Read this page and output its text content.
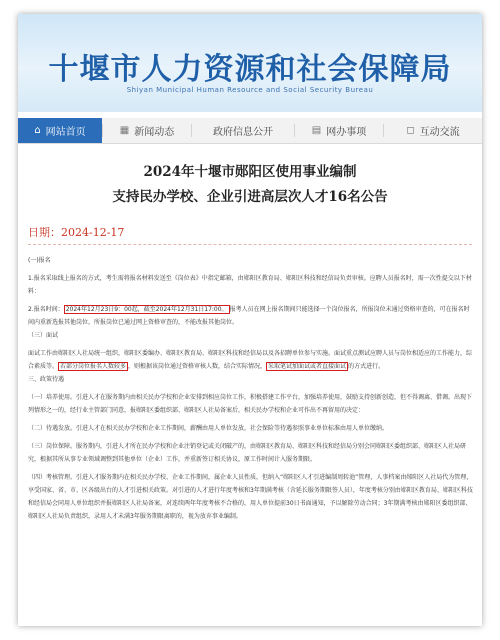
十堰市人力资源和社会保障局
Shiyan Municipal Human Resource and Social Security Bureau
⌂ 网站首页	▦ 新闻动态	政府信息公开	▤ 网办事项	◻ 互动交流
2024年十堰市郧阳区使用事业编制
支持民办学校、企业引进高层次人才16名公告
日期：2024-12-17
(一)报名
1.报名采取线上报名的方式，考生需将报名材料发送至《岗位表》中指定邮箱，由郧阳区教育局、郧阳区科技和经信局负责审核。应聘人员报名时，需一次性提交以下材料：
2.报名时间： 2024年12月23日9：00起，截至2024年12月31日17:00。 报考人员在网上报名期间只能选择一个岗位报名，所报岗位未通过资格审查的，可在报名时间内重新选报其他岗位，所报岗位已通过网上资格审查的，不能改报其他岗位。
（三）面试
面试工作由郧阳区人社局统一组织，郧阳区委编办、郧阳区教育局、郧阳区科技和经信局以及各招聘单位参与实施。面试重点测试应聘人员与岗位相适应的工作能力，综合素质等。 若部分岗位报名人数较多 ，则根据该岗位通过资格审核人数，结合实际情况， 采取笔试加面试或者直接面试 的方式进行。
三、政策待遇
（一）培养使用。引进人才在服务期内由相关民办学校和企业安排到相应岗位工作，积极搭建工作平台，加强培养使用，鼓励支持创新创造，但不得调离、借调。出现下列情形之一的，经行业主管部门同意，报郧阳区委组织部、郧阳区人社局备案后，相关民办学校和企业可作出不再留用的决定：
（二）待遇发放。引进人才在相关民办学校和企业工作期间，薪酬由用人单位发放，社会保险等待遇参照事业单位标准由用人单位缴纳。
（三）岗位保障。服务期内，引进人才所在民办学校和企业注销登记或关闭破产的，由郧阳区教育局、郧阳区科技和经信局分别会同郧阳区委组织部、郧阳区人社局研究，根据其所从事专业领域调整到其他单位（企业）工作，并重新签订相关协议，原工作时间计入服务期限。
（四）考核管理。引进人才服务期内在相关民办学校、企业工作期间，属企业人员性质，但纳入“郧阳区人才引进编制周转池”管理，人事档案由郧阳区人社局代为管理，享受国家、省、市、区各级出台的人才引进相关政策。对引进的人才进行年度考核和3年期满考核（含延长服务期限签人员），年度考核分别由郧阳区教育局、郧阳区科技和经信局会同用人单位组织并报郧阳区人社局备案，对连续两年年度考核不合格的，用人单位提前30日书面通知，予以解除劳动合同；3年期满考核由郧阳区委组织部、郧阳区人社局负责组织，录用人才未满3年服务期限离职的，视为放弃事业编制。
